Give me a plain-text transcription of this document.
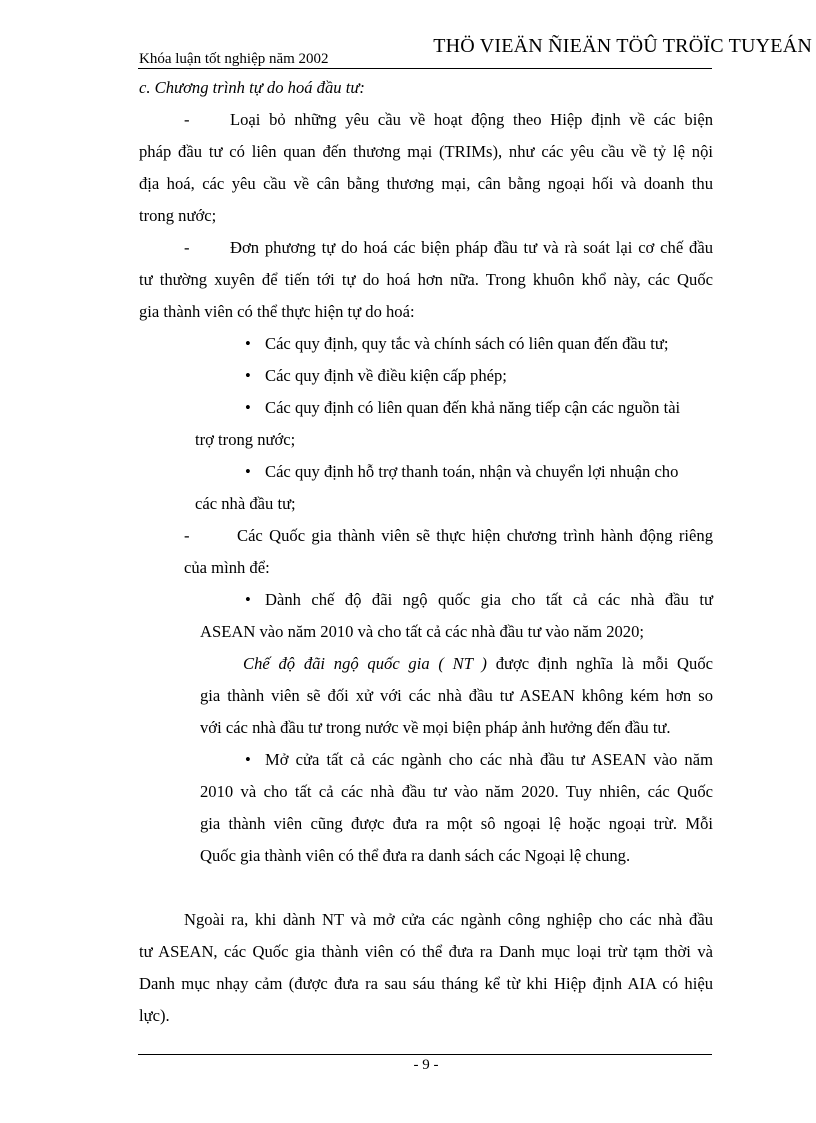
Khóa luận tốt nghiệp năm 2002
THÖ VIEÄN ÑIEÄN TÖÛ TRÖÏC TUYEÁN
c. Chương trình tự do hoá đầu tư:
- Loại bỏ những yêu cầu về hoạt động theo Hiệp định về các biện
pháp đầu tư có liên quan đến thương mại (TRIMs), như các yêu cầu về tỷ lệ nội
địa hoá, các yêu cầu về cân bằng thương mại, cân bằng ngoại hối và doanh thu
trong nước;
- Đơn phương tự do hoá các biện pháp đầu tư và rà soát lại cơ chế đầu
tư thường xuyên để tiến tới tự do hoá hơn nữa. Trong khuôn khổ này, các Quốc
gia thành viên có thể thực hiện tự do hoá:
• Các quy định, quy tắc và chính sách có liên quan đến đầu tư;
• Các quy định về điều kiện cấp phép;
• Các quy định có liên quan đến khả năng tiếp cận các nguồn tài
trợ trong nước;
• Các quy định hỗ trợ thanh toán, nhận và chuyển lợi nhuận cho
các nhà đầu tư;
-	Các Quốc gia thành viên sẽ thực hiện chương trình hành động riêng
của mình để:
• Dành chế độ đãi ngộ quốc gia cho tất cả các nhà đầu tư
ASEAN vào năm 2010 và cho tất cả các nhà đầu tư vào năm 2020;
Chế độ đãi ngộ quốc gia ( NT ) được định nghĩa là mỗi Quốc
gia thành viên sẽ đối xử với các nhà đầu tư ASEAN không kém hơn so
với các nhà đầu tư trong nước về mọi biện pháp ảnh hưởng đến đầu tư.
• Mở cửa tất cả các ngành cho các nhà đầu tư ASEAN vào năm
2010 và cho tất cả các nhà đầu tư vào năm 2020. Tuy nhiên, các Quốc
gia thành viên cũng được đưa ra một sô ngoại lệ hoặc ngoại trừ. Mỗi
Quốc gia thành viên có thể đưa ra danh sách các Ngoại lệ chung.
Ngoài ra, khi dành NT và mở cửa các ngành công nghiệp cho các nhà đầu
tư ASEAN, các Quốc gia thành viên có thể đưa ra Danh mục loại trừ tạm thời và
Danh mục nhạy cảm (được đưa ra sau sáu tháng kể từ khi Hiệp định AIA có hiệu
lực).
- 9 -
